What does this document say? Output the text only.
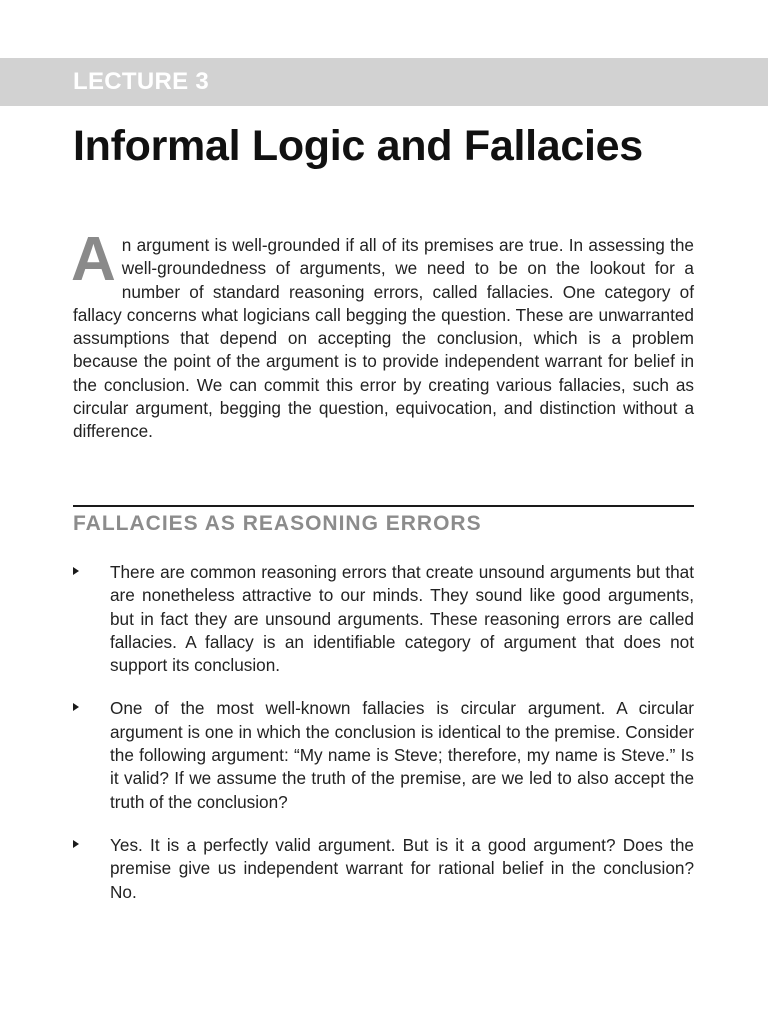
LECTURE 3
Informal Logic and Fallacies

A n argument is well-grounded if all of its premises are true. In assessing the well-groundedness of arguments, we need to be on the lookout for a number of standard reasoning errors, called fallacies. One category of fallacy concerns what logicians call begging the question. These are unwarranted assumptions that depend on accepting the conclusion, which is a problem because the point of the argument is to provide independent warrant for belief in the conclusion. We can commit this error by creating various fallacies, such as circular argument, begging the question, equivocation, and distinction without a difference.

FALLACIES AS REASONING ERRORS
There are common reasoning errors that create unsound arguments but that are nonetheless attractive to our minds. They sound like good arguments, but in fact they are unsound arguments. These reasoning errors are called fallacies. A fallacy is an identifiable category of argument that does not support its conclusion.
One of the most well-known fallacies is circular argument. A circular argument is one in which the conclusion is identical to the premise. Consider the following argument: “My name is Steve; therefore, my name is Steve.” Is it valid? If we assume the truth of the premise, are we led to also accept the truth of the conclusion?
Yes. It is a perfectly valid argument. But is it a good argument? Does the premise give us independent warrant for rational belief in the conclusion? No.
